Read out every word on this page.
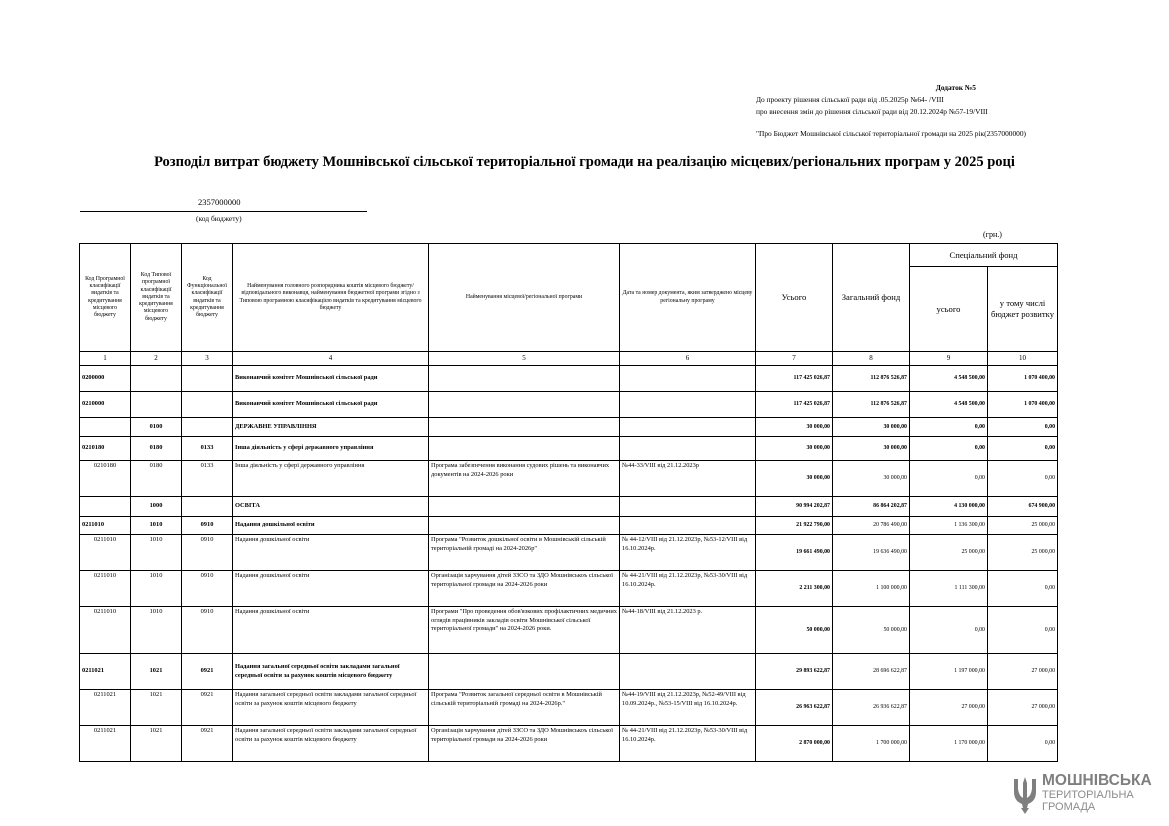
Додаток №5
До проекту рішення сільської ради від .05.2025р №64- /VIII
про внесення змін до рішення сільської ради від 20.12.2024р №57-19/VIII
"Про Бюджет Мошнівської сільської територіальної громади на 2025 рік(2357000000)
Розподіл витрат бюджету Мошнівської сільської територіальної громади на реалізацію місцевих/регіональних програм у 2025 році
2357000000
(код бюджету)
(грн.)
Код Програмної класифікації видатків та кредитування місцевого бюджету	Код Типової програмної класифікації видатків та кредитування місцевого бюджету	Код Функціональної класифікації видатків та кредитування бюджету	Найменування головного розпорядника коштів місцевого бюджету/ відповідального виконавця, найменування бюджетної програми згідно з Типовою програмною класифікацією видатків та кредитування місцевого бюджету	Найменування місцевої/регіональної програми	Дата та номер документа, яким затверджено місцеву регіональну програму	Усього	Загальний фонд	Спеціальний фонд	
								усього	у тому числі бюджет розвитку
1	2	3	4	5	6	7	8	9	10
0200000			Виконавчий комітет Мошнівської сільської ради			117 425 026,87	112 876 526,87	4 548 500,00	1 070 400,00
0210000			Виконавчий комітет Мошнівської сільської ради			117 425 026,87	112 876 526,87	4 548 500,00	1 070 400,00
	0100		ДЕРЖАВНЕ УПРАВЛІННЯ			30 000,00	30 000,00	0,00	0,00
0210180	0180	0133	Інша діяльність у сфері державного управління			30 000,00	30 000,00	0,00	0,00
0210180	0180	0133	Інша діяльність у сфері державного управління	Програма забезпечення виконання судових рішень та виконавчих документів на 2024-2026 роки	№44-33/VIII від 21.12.2023р	30 000,00	30 000,00	0,00	0,00
	1000		ОСВІТА			90 994 202,87	86 864 202,87	4 130 000,00	674 900,00
0211010	1010	0910	Надання дошкільної освіти			21 922 790,00	20 786 490,00	1 136 300,00	25 000,00
0211010	1010	0910	Надання дошкільної освіти	Програма "Розвиток дошкільної освіти в Мошнівській сільській територіальній громаді на 2024-2026р"	№ 44-12/VIII від 21.12.2023р, №53-12/VIII від 16.10.2024р.	19 661 490,00	19 636 490,00	25 000,00	25 000,00
0211010	1010	0910	Надання дошкільної освіти	Організація харчування дітей ЗЗСО та ЗДО Мошнівськоъ сільської територіальної громади на 2024-2026 роки	№ 44-21/VIII від 21.12.2023р, №53-30/VIII від 16.10.2024р.	2 211 300,00	1 100 000,00	1 111 300,00	0,00
0211010	1010	0910	Надання дошкільної освіти	Програми "Про проведення обов'язкових профілактичних медичних оглядів працівників закладів освіти Мошнівської сільської територіальної громади" на 2024-2026 роки.	№44-18/VIII від 21.12.2023 р.	50 000,00	50 000,00	0,00	0,00
0211021	1021	0921	Надання загальної середньої освіти закладами загальної середньої освіти за рахунок коштів місцевого бюджету			29 893 622,87	28 696 622,87	1 197 000,00	27 000,00
0211021	1021	0921	Надання загальної середньої освіти закладами загальної середньої освіти за рахунок коштів місцевого бюджету	Програма "Розвиток загальної середньої освіти в Мошнівській сільській територіальній громаді на 2024-2026р."	№44-19/VIII від 21.12.2023р, №52-49/VIII від 10.09.2024р., №53-15/VIII від 16.10.2024р.	26 963 622,87	26 936 622,87	27 000,00	27 000,00
0211021	1021	0921	Надання загальної середньої освіти закладами загальної середньої освіти за рахунок коштів місцевого бюджету	Організація харчування дітей ЗЗСО та ЗДО Мошнівськоъ сільської територіальної громади на 2024-2026 роки	№ 44-21/VIII від 21.12.2023р, №53-30/VIII від 16.10.2024р.	2 870 000,00	1 700 000,00	1 170 000,00	0,00
МОШНІВСЬКА
ТЕРИТОРІАЛЬНА
ГРОМАДА
